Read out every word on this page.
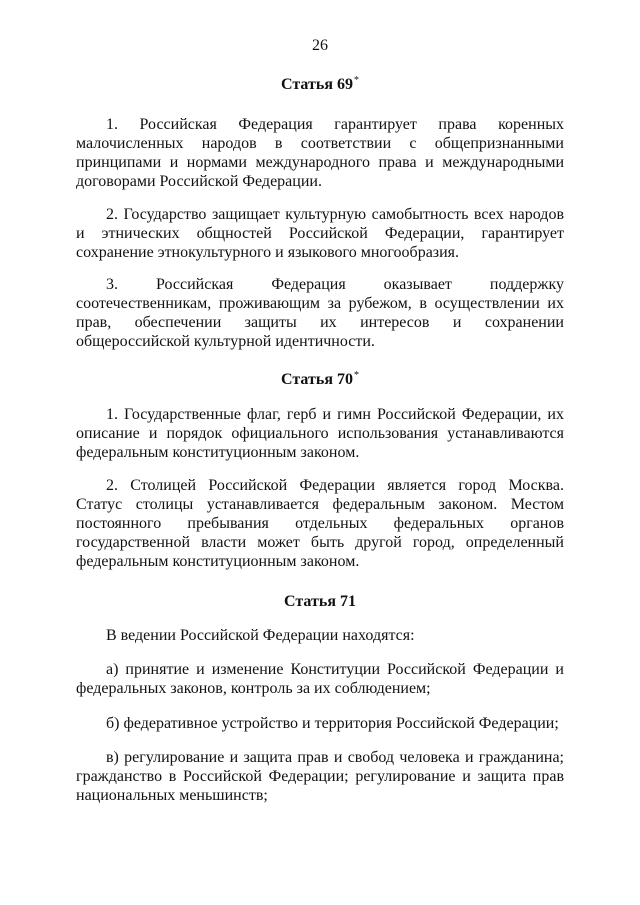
26
Статья 69*

1. Российская Федерация гарантирует права коренных малочисленных народов в соответствии с общепризнанными принципами и нормами международного права и международными договорами Российской Федерации.

2. Государство защищает культурную самобытность всех народов и этнических общностей Российской Федерации, гарантирует сохранение этнокультурного и языкового многообразия.

3. Российская Федерация оказывает поддержку соотечественникам, проживающим за рубежом, в осуществлении их прав, обеспечении защиты их интересов и сохранении общероссийской культурной идентичности.

Статья 70*

1. Государственные флаг, герб и гимн Российской Федерации, их описание и порядок официального использования устанавливаются федеральным конституционным законом.

2. Столицей Российской Федерации является город Москва. Статус столицы устанавливается федеральным законом. Местом постоянного пребывания отдельных федеральных органов государственной власти может быть другой город, определенный федеральным конституционным законом.

Статья 71

В ведении Российской Федерации находятся:

а) принятие и изменение Конституции Российской Федерации и федеральных законов, контроль за их соблюдением;

б) федеративное устройство и территория Российской Федерации;

в) регулирование и защита прав и свобод человека и гражданина; гражданство в Российской Федерации; регулирование и защита прав национальных меньшинств;
